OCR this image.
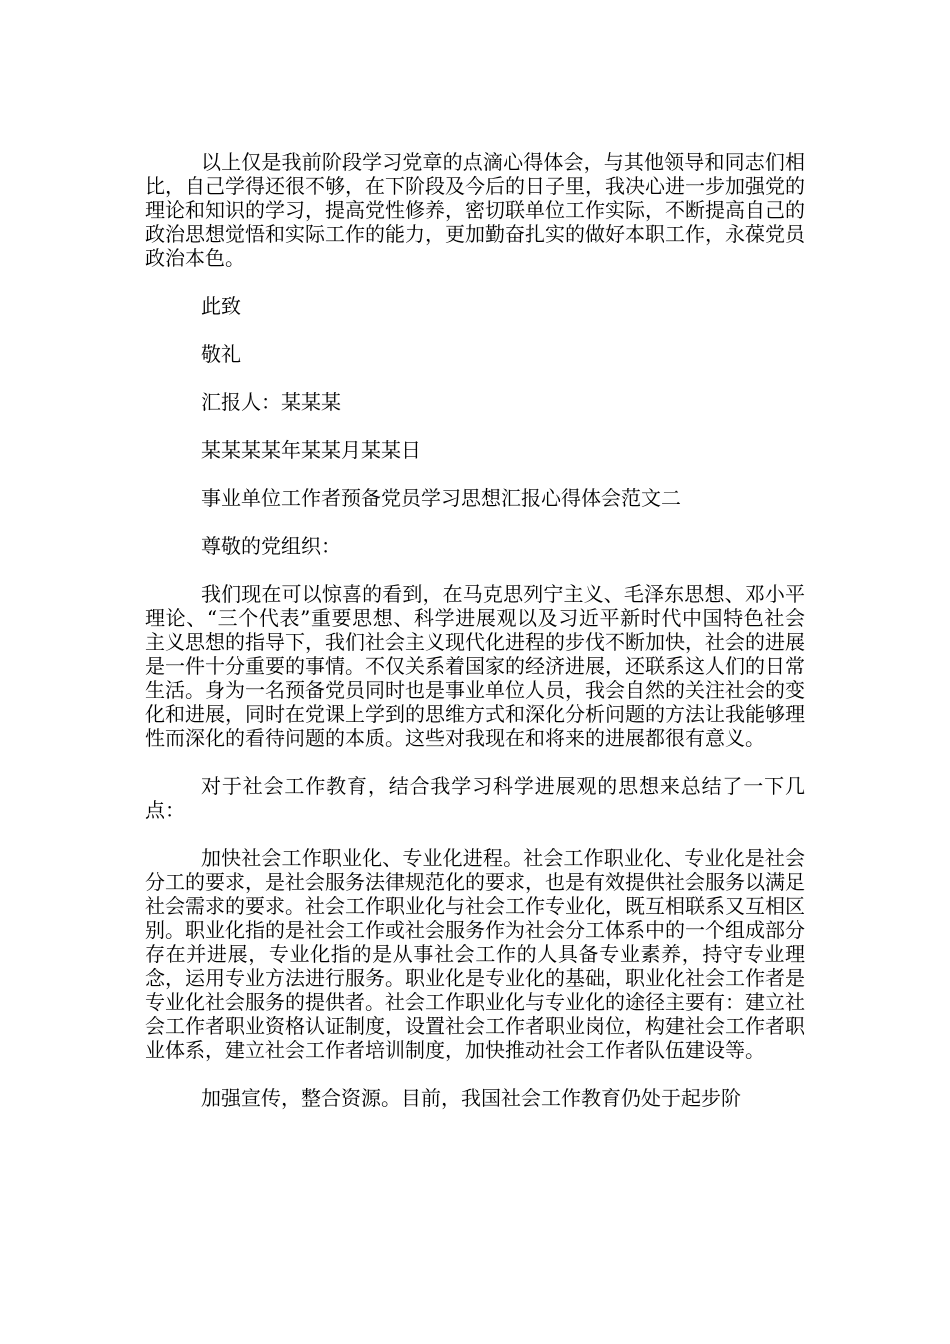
以上仅是我前阶段学习党章的点滴心得体会，与其他领导和同志们相比，自己学得还很不够，在下阶段及今后的日子里，我决心进一步加强党的理论和知识的学习，提高党性修养，密切联单位工作实际，不断提高自己的政治思想觉悟和实际工作的能力，更加勤奋扎实的做好本职工作，永葆党员政治本色。

此致

敬礼

汇报人：某某某

某某某某年某某月某某日

事业单位工作者预备党员学习思想汇报心得体会范文二

尊敬的党组织：

我们现在可以惊喜的看到，在马克思列宁主义、毛泽东思想、邓小平理论、“三个代表”重要思想、科学进展观以及习近平新时代中国特色社会主义思想的指导下，我们社会主义现代化进程的步伐不断加快，社会的进展是一件十分重要的事情。不仅关系着国家的经济进展，还联系这人们的日常生活。身为一名预备党员同时也是事业单位人员，我会自然的关注社会的变化和进展，同时在党课上学到的思维方式和深化分析问题的方法让我能够理性而深化的看待问题的本质。这些对我现在和将来的进展都很有意义。

对于社会工作教育，结合我学习科学进展观的思想来总结了一下几点：

加快社会工作职业化、专业化进程。社会工作职业化、专业化是社会分工的要求，是社会服务法律规范化的要求，也是有效提供社会服务以满足社会需求的要求。社会工作职业化与社会工作专业化，既互相联系又互相区别。职业化指的是社会工作或社会服务作为社会分工体系中的一个组成部分存在并进展，专业化指的是从事社会工作的人具备专业素养，持守专业理念，运用专业方法进行服务。职业化是专业化的基础，职业化社会工作者是专业化社会服务的提供者。社会工作职业化与专业化的途径主要有：建立社会工作者职业资格认证制度，设置社会工作者职业岗位，构建社会工作者职业体系，建立社会工作者培训制度，加快推动社会工作者队伍建设等。

加强宣传，整合资源。目前，我国社会工作教育仍处于起步阶
